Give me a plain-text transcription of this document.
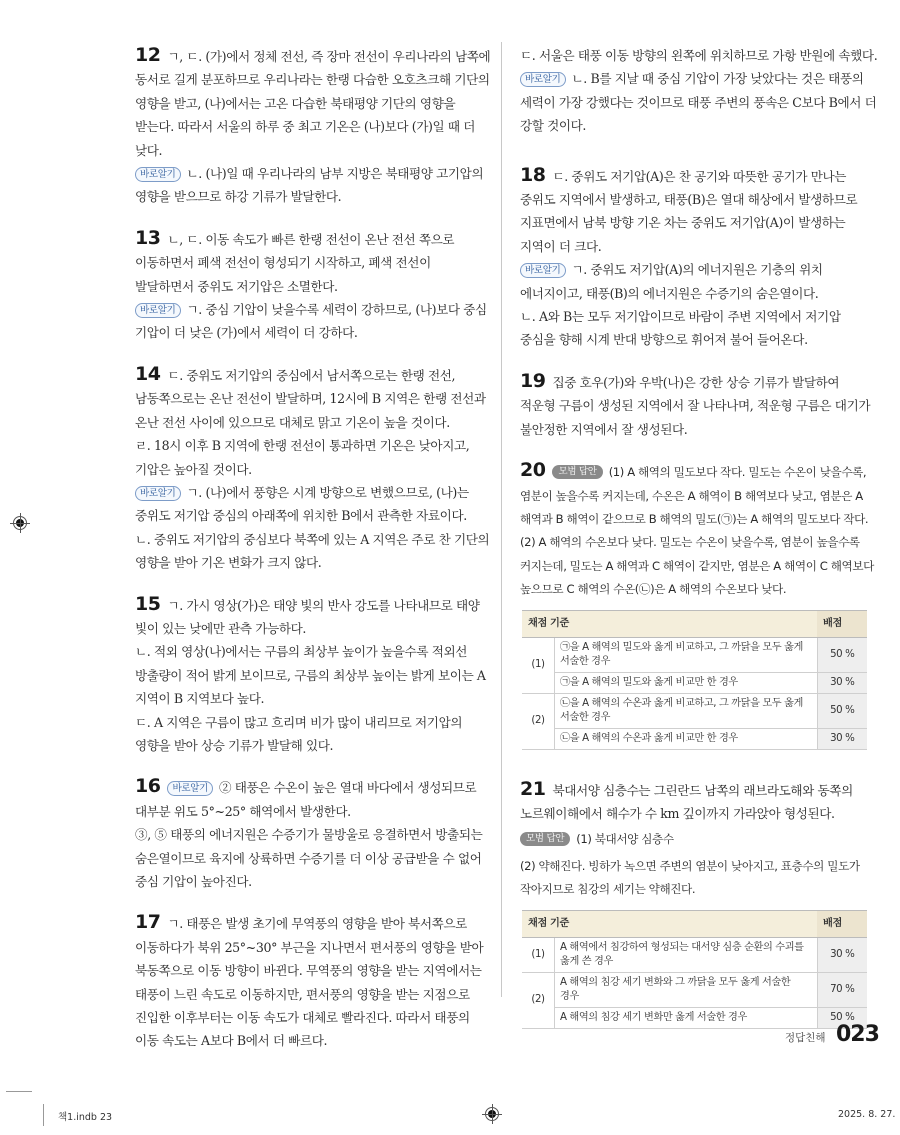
12 ㄱ, ㄷ. (가)에서 정체 전선, 즉 장마 전선이 우리나라의 남쪽에 동서로 길게 분포하므로 우리나라는 한랭 다습한 오호츠크해 기단의 영향을 받고, (나)에서는 고온 다습한 북태평양 기단의 영향을 받는다. 따라서 서울의 하루 중 최고 기온은 (나)보다 (가)일 때 더 낮다.
바로알기 ㄴ. (나)일 때 우리나라의 남부 지방은 북태평양 고기압의 영향을 받으므로 하강 기류가 발달한다.
13 ㄴ, ㄷ. 이동 속도가 빠른 한랭 전선이 온난 전선 쪽으로 이동하면서 폐색 전선이 형성되기 시작하고, 폐색 전선이 발달하면서 중위도 저기압은 소멸한다.
바로알기 ㄱ. 중심 기압이 낮을수록 세력이 강하므로, (나)보다 중심 기압이 더 낮은 (가)에서 세력이 더 강하다.
14 ㄷ. 중위도 저기압의 중심에서 남서쪽으로는 한랭 전선, 남동쪽으로는 온난 전선이 발달하며, 12시에 B 지역은 한랭 전선과 온난 전선 사이에 있으므로 대체로 맑고 기온이 높을 것이다.
ㄹ. 18시 이후 B 지역에 한랭 전선이 통과하면 기온은 낮아지고, 기압은 높아질 것이다.
바로알기 ㄱ. (나)에서 풍향은 시계 방향으로 변했으므로, (나)는 중위도 저기압 중심의 아래쪽에 위치한 B에서 관측한 자료이다.
ㄴ. 중위도 저기압의 중심보다 북쪽에 있는 A 지역은 주로 찬 기단의 영향을 받아 기온 변화가 크지 않다.
15 ㄱ. 가시 영상(가)은 태양 빛의 반사 강도를 나타내므로 태양 빛이 있는 낮에만 관측 가능하다.
ㄴ. 적외 영상(나)에서는 구름의 최상부 높이가 높을수록 적외선 방출량이 적어 밝게 보이므로, 구름의 최상부 높이는 밝게 보이는 A 지역이 B 지역보다 높다.
ㄷ. A 지역은 구름이 많고 흐리며 비가 많이 내리므로 저기압의 영향을 받아 상승 기류가 발달해 있다.
16 바로알기 ② 태풍은 수온이 높은 열대 바다에서 생성되므로 대부분 위도 5°~25° 해역에서 발생한다.
③, ⑤ 태풍의 에너지원은 수증기가 물방울로 응결하면서 방출되는 숨은열이므로 육지에 상륙하면 수증기를 더 이상 공급받을 수 없어 중심 기압이 높아진다.
17 ㄱ. 태풍은 발생 초기에 무역풍의 영향을 받아 북서쪽으로 이동하다가 북위 25°~30° 부근을 지나면서 편서풍의 영향을 받아 북동쪽으로 이동 방향이 바뀐다. 무역풍의 영향을 받는 지역에서는 태풍이 느린 속도로 이동하지만, 편서풍의 영향을 받는 지점으로 진입한 이후부터는 이동 속도가 대체로 빨라진다. 따라서 태풍의 이동 속도는 A보다 B에서 더 빠르다.
ㄷ. 서울은 태풍 이동 방향의 왼쪽에 위치하므로 가항 반원에 속했다.
바로알기 ㄴ. B를 지날 때 중심 기압이 가장 낮았다는 것은 태풍의 세력이 가장 강했다는 것이므로 태풍 주변의 풍속은 C보다 B에서 더 강할 것이다.
18 ㄷ. 중위도 저기압(A)은 찬 공기와 따뜻한 공기가 만나는 중위도 지역에서 발생하고, 태풍(B)은 열대 해상에서 발생하므로 지표면에서 남북 방향 기온 차는 중위도 저기압(A)이 발생하는 지역이 더 크다.
바로알기 ㄱ. 중위도 저기압(A)의 에너지원은 기층의 위치 에너지이고, 태풍(B)의 에너지원은 수증기의 숨은열이다.
ㄴ. A와 B는 모두 저기압이므로 바람이 주변 지역에서 저기압 중심을 향해 시계 반대 방향으로 휘어져 불어 들어온다.
19 집중 호우(가)와 우박(나)은 강한 상승 기류가 발달하여 적운형 구름이 생성된 지역에서 잘 나타나며, 적운형 구름은 대기가 불안정한 지역에서 잘 생성된다.
20 모범 답안 (1) A 해역의 밀도보다 작다. 밀도는 수온이 낮을수록, 염분이 높을수록 커지는데, 수온은 A 해역이 B 해역보다 낮고, 염분은 A 해역과 B 해역이 같으므로 B 해역의 밀도(㉠)는 A 해역의 밀도보다 작다.
(2) A 해역의 수온보다 낮다. 밀도는 수온이 낮을수록, 염분이 높을수록 커지는데, 밀도는 A 해역과 C 해역이 같지만, 염분은 A 해역이 C 해역보다 높으므로 C 해역의 수온(㉡)은 A 해역의 수온보다 낮다.
채점 기준		배점
(1)	㉠을 A 해역의 밀도와 옳게 비교하고, 그 까닭을 모두 옳게 서술한 경우	50 %
	㉠을 A 해역의 밀도와 옳게 비교만 한 경우	30 %
(2)	㉡을 A 해역의 수온과 옳게 비교하고, 그 까닭을 모두 옳게 서술한 경우	50 %
	㉡을 A 해역의 수온과 옳게 비교만 한 경우	30 %
21 북대서양 심층수는 그린란드 남쪽의 래브라도해와 동쪽의 노르웨이해에서 해수가 수 km 깊이까지 가라앉아 형성된다.
모범 답안 (1) 북대서양 심층수
(2) 약해진다. 빙하가 녹으면 주변의 염분이 낮아지고, 표층수의 밀도가 작아지므로 침강의 세기는 약해진다.
채점 기준		배점
(1)	A 해역에서 침강하여 형성되는 대서양 심층 순환의 수괴를 옳게 쓴 경우	30 %
(2)	A 해역의 침강 세기 변화와 그 까닭을 모두 옳게 서술한 경우	70 %
	A 해역의 침강 세기 변화만 옳게 서술한 경우	50 %
정답친해 023
책1.indb 23	2025. 8. 27.
